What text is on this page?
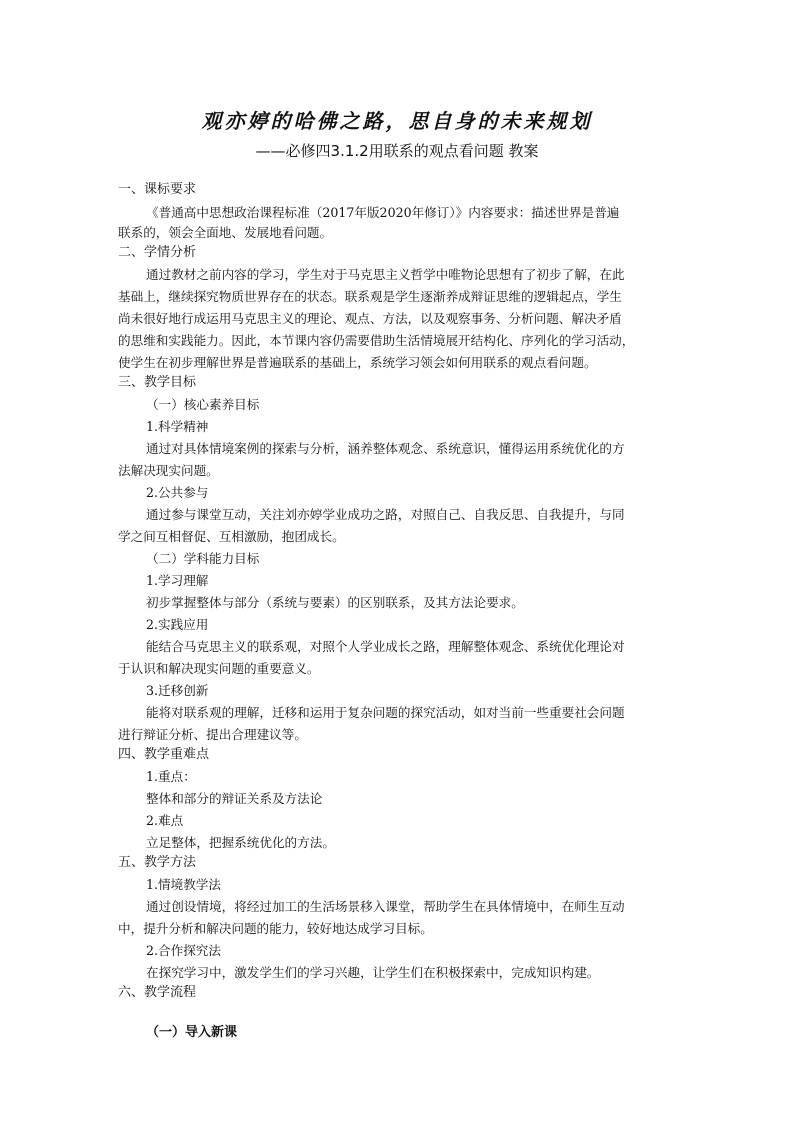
观亦婷的哈佛之路，思自身的未来规划
——必修四3.1.2用联系的观点看问题 教案
一、课标要求
《普通高中思想政治课程标准（2017年版2020年修订）》内容要求：描述世界是普遍
联系的，领会全面地、发展地看问题。
二、学情分析
通过教材之前内容的学习，学生对于马克思主义哲学中唯物论思想有了初步了解，在此
基础上，继续探究物质世界存在的状态。联系观是学生逐渐养成辩证思维的逻辑起点，学生
尚未很好地行成运用马克思主义的理论、观点、方法，以及观察事务、分析问题、解决矛盾
的思维和实践能力。因此，本节课内容仍需要借助生活情境展开结构化、序列化的学习活动，
使学生在初步理解世界是普遍联系的基础上，系统学习领会如何用联系的观点看问题。
三、教学目标
（一）核心素养目标
1.科学精神
通过对具体情境案例的探索与分析，涵养整体观念、系统意识，懂得运用系统优化的方
法解决现实问题。
2.公共参与
通过参与课堂互动，关注刘亦婷学业成功之路，对照自己、自我反思、自我提升，与同
学之间互相督促、互相激励，抱团成长。
（二）学科能力目标
1.学习理解
初步掌握整体与部分（系统与要素）的区别联系，及其方法论要求。
2.实践应用
能结合马克思主义的联系观，对照个人学业成长之路，理解整体观念、系统优化理论对
于认识和解决现实问题的重要意义。
3.迁移创新
能将对联系观的理解，迁移和运用于复杂问题的探究活动，如对当前一些重要社会问题
进行辩证分析、提出合理建议等。
四、教学重难点
1.重点：
整体和部分的辩证关系及方法论
2.难点
立足整体，把握系统优化的方法。
五、教学方法
1.情境教学法
通过创设情境，将经过加工的生活场景移入课堂，帮助学生在具体情境中，在师生互动
中，提升分析和解决问题的能力，较好地达成学习目标。
2.合作探究法
在探究学习中，激发学生们的学习兴趣，让学生们在积极探索中，完成知识构建。
六、教学流程
（一）导入新课
